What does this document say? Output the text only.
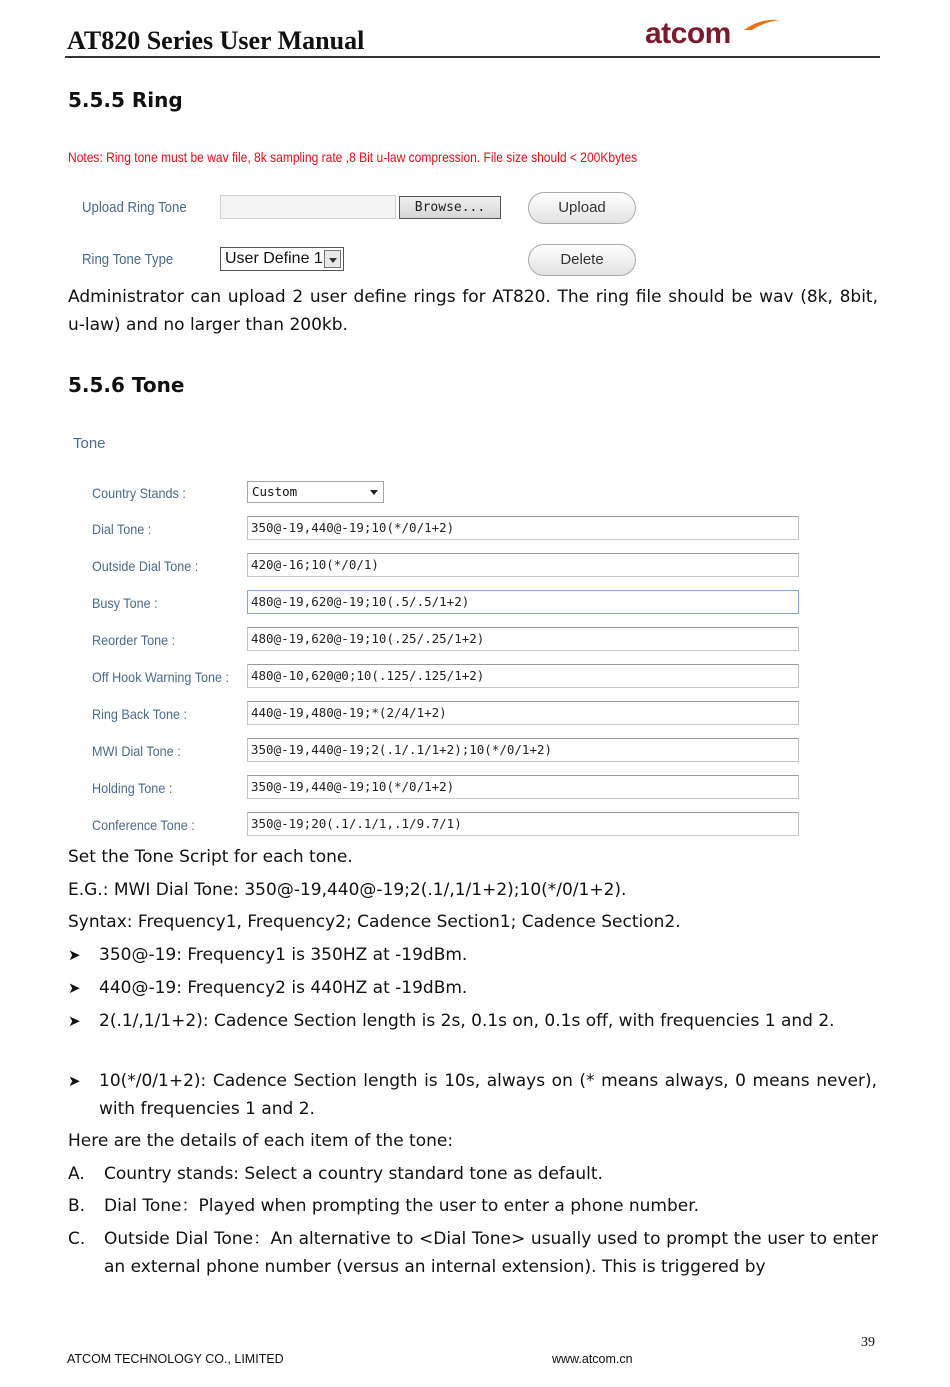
AT820 Series User Manual	atcom
5.5.5 Ring
Notes: Ring tone must be wav file, 8k sampling rate ,8 Bit u-law compression. File size should < 200Kbytes
Upload Ring Tone	Browse...	Upload
Ring Tone Type	User Define 1	Delete
Administrator can upload 2 user define rings for AT820. The ring file should be wav (8k, 8bit, u-law) and no larger than 200kb.
5.5.6 Tone
Tone
Country Stands :	Custom
Dial Tone :	350@-19,440@-19;10(*/0/1+2)
Outside Dial Tone :	420@-16;10(*/0/1)
Busy Tone :	480@-19,620@-19;10(.5/.5/1+2)
Reorder Tone :	480@-19,620@-19;10(.25/.25/1+2)
Off Hook Warning Tone :	480@-10,620@0;10(.125/.125/1+2)
Ring Back Tone :	440@-19,480@-19;*(2/4/1+2)
MWI Dial Tone :	350@-19,440@-19;2(.1/.1/1+2);10(*/0/1+2)
Holding Tone :	350@-19,440@-19;10(*/0/1+2)
Conference Tone :	350@-19;20(.1/.1/1,.1/9.7/1)
Set the Tone Script for each tone.
E.G.: MWI Dial Tone: 350@-19,440@-19;2(.1/,1/1+2);10(*/0/1+2).
Syntax: Frequency1, Frequency2; Cadence Section1; Cadence Section2.
➤ 350@-19: Frequency1 is 350HZ at -19dBm.
➤ 440@-19: Frequency2 is 440HZ at -19dBm.
➤ 2(.1/,1/1+2): Cadence Section length is 2s, 0.1s on, 0.1s off, with frequencies 1 and 2.
➤ 10(*/0/1+2): Cadence Section length is 10s, always on (* means always, 0 means never), with frequencies 1 and 2.
Here are the details of each item of the tone:
A. Country stands: Select a country standard tone as default.
B. Dial Tone：Played when prompting the user to enter a phone number.
C. Outside Dial Tone：An alternative to <Dial Tone> usually used to prompt the user to enter an external phone number (versus an internal extension). This is triggered by
39
ATCOM TECHNOLOGY CO., LIMITED	www.atcom.cn
